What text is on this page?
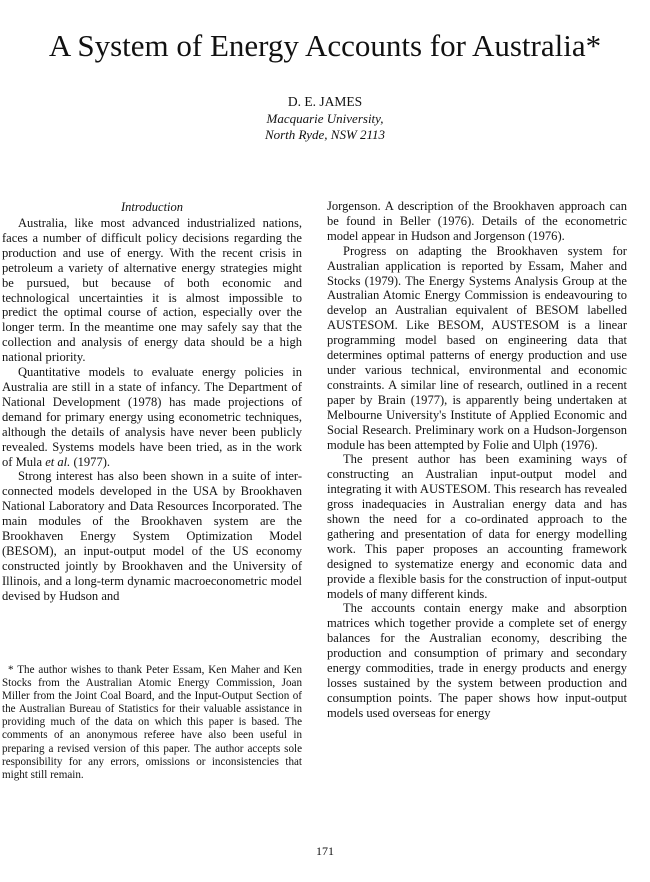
A System of Energy Accounts for Australia*
D. E. JAMES
Macquarie University,
North Ryde, NSW 2113

Australia, like most advanced industrialized nations, faces a number of difficult policy decisions regarding the production and use of energy. With the recent crisis in petroleum a variety of alternative energy strategies might be pursued, but because of both economic and technological uncertainties it is almost impossible to predict the optimal course of action, especially over the longer term. In the meantime one may safely say that the collection and analysis of energy data should be a high national priority.

Quantitative models to evaluate energy policies in Australia are still in a state of infancy. The Department of National Development (1978) has made projections of demand for primary energy using econometric techniques, although the details of analysis have never been publicly revealed. Systems models have been tried, as in the work of Mula et al. (1977).

Strong interest has also been shown in a suite of inter-connected models developed in the USA by Brookhaven National Laboratory and Data Resources Incorporated. The main modules of the Brookhaven system are the Brookhaven Energy System Optimization Model (BESOM), an input-output model of the US economy constructed jointly by Brookhaven and the University of Illinois, and a long-term dynamic macroeconometric model devised by Hudson and

Introduction

* The author wishes to thank Peter Essam, Ken Maher and Ken Stocks from the Australian Atomic Energy Commission, Joan Miller from the Joint Coal Board, and the Input-Output Section of the Australian Bureau of Statistics for their valuable assistance in providing much of the data on which this paper is based. The comments of an anonymous referee have also been useful in preparing a revised version of this paper. The author accepts sole responsibility for any errors, omissions or inconsistencies that might still remain.

Jorgenson. A description of the Brookhaven approach can be found in Beller (1976). Details of the econometric model appear in Hudson and Jorgenson (1976).

Progress on adapting the Brookhaven system for Australian application is reported by Essam, Maher and Stocks (1979). The Energy Systems Analysis Group at the Australian Atomic Energy Commission is endeavouring to develop an Australian equivalent of BESOM labelled AUSTESOM. Like BESOM, AUSTESOM is a linear programming model based on engineering data that determines optimal patterns of energy production and use under various technical, environmental and economic constraints. A similar line of research, outlined in a recent paper by Brain (1977), is apparently being undertaken at Melbourne University's Institute of Applied Economic and Social Research. Preliminary work on a Hudson-Jorgenson module has been attempted by Folie and Ulph (1976).

The present author has been examining ways of constructing an Australian input-output model and integrating it with AUSTESOM. This research has revealed gross inadequacies in Australian energy data and has shown the need for a co-ordinated approach to the gathering and presentation of data for energy modelling work. This paper proposes an accounting framework designed to systematize energy and economic data and provide a flexible basis for the construction of input-output models of many different kinds.

The accounts contain energy make and absorption matrices which together provide a complete set of energy balances for the Australian economy, describing the production and consumption of primary and secondary energy commodities, trade in energy products and energy losses sustained by the system between production and consumption points. The paper shows how input-output models used overseas for energy

171
